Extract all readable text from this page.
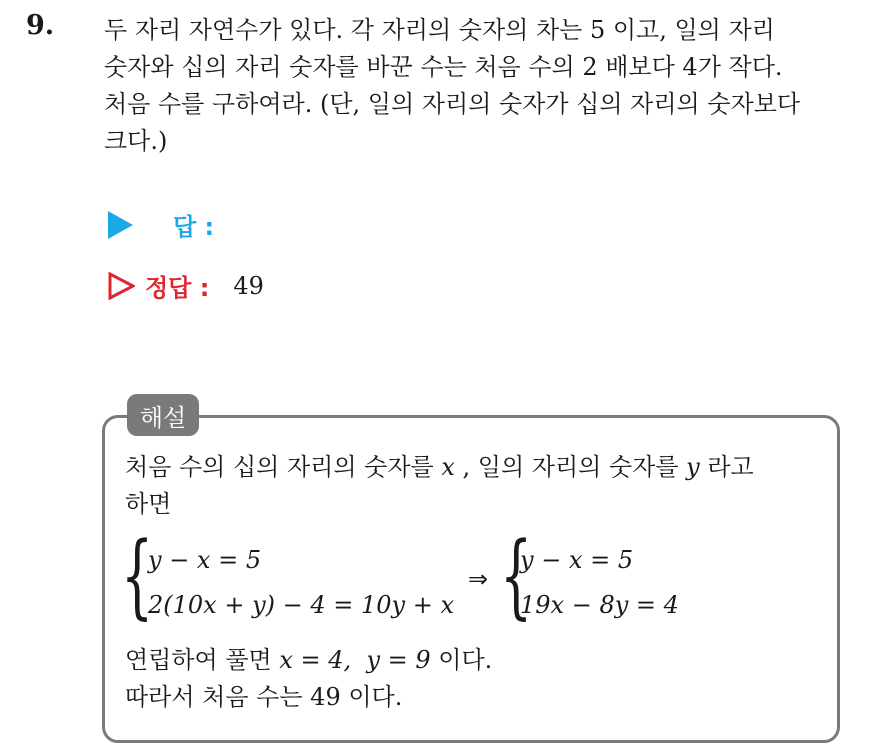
9. 두 자리 자연수가 있다. 각 자리의 숫자의 차는 5 이고, 일의 자리
숫자와 십의 자리 숫자를 바꾼 수는 처음 수의 2 배보다 4가 작다.
처음 수를 구하여라. (단, 일의 자리의 숫자가 십의 자리의 숫자보다
크다.)
답 :
정답 : 49
해설
처음 수의 십의 자리의 숫자를 x , 일의 자리의 숫자를 y 라고
하면
{
y − x = 5
2(10x + y) − 4 = 10y + x
⇒ {
y − x = 5
19x − 8y = 4
연립하여 풀면 x = 4, y = 9 이다.
따라서 처음 수는 49 이다.
